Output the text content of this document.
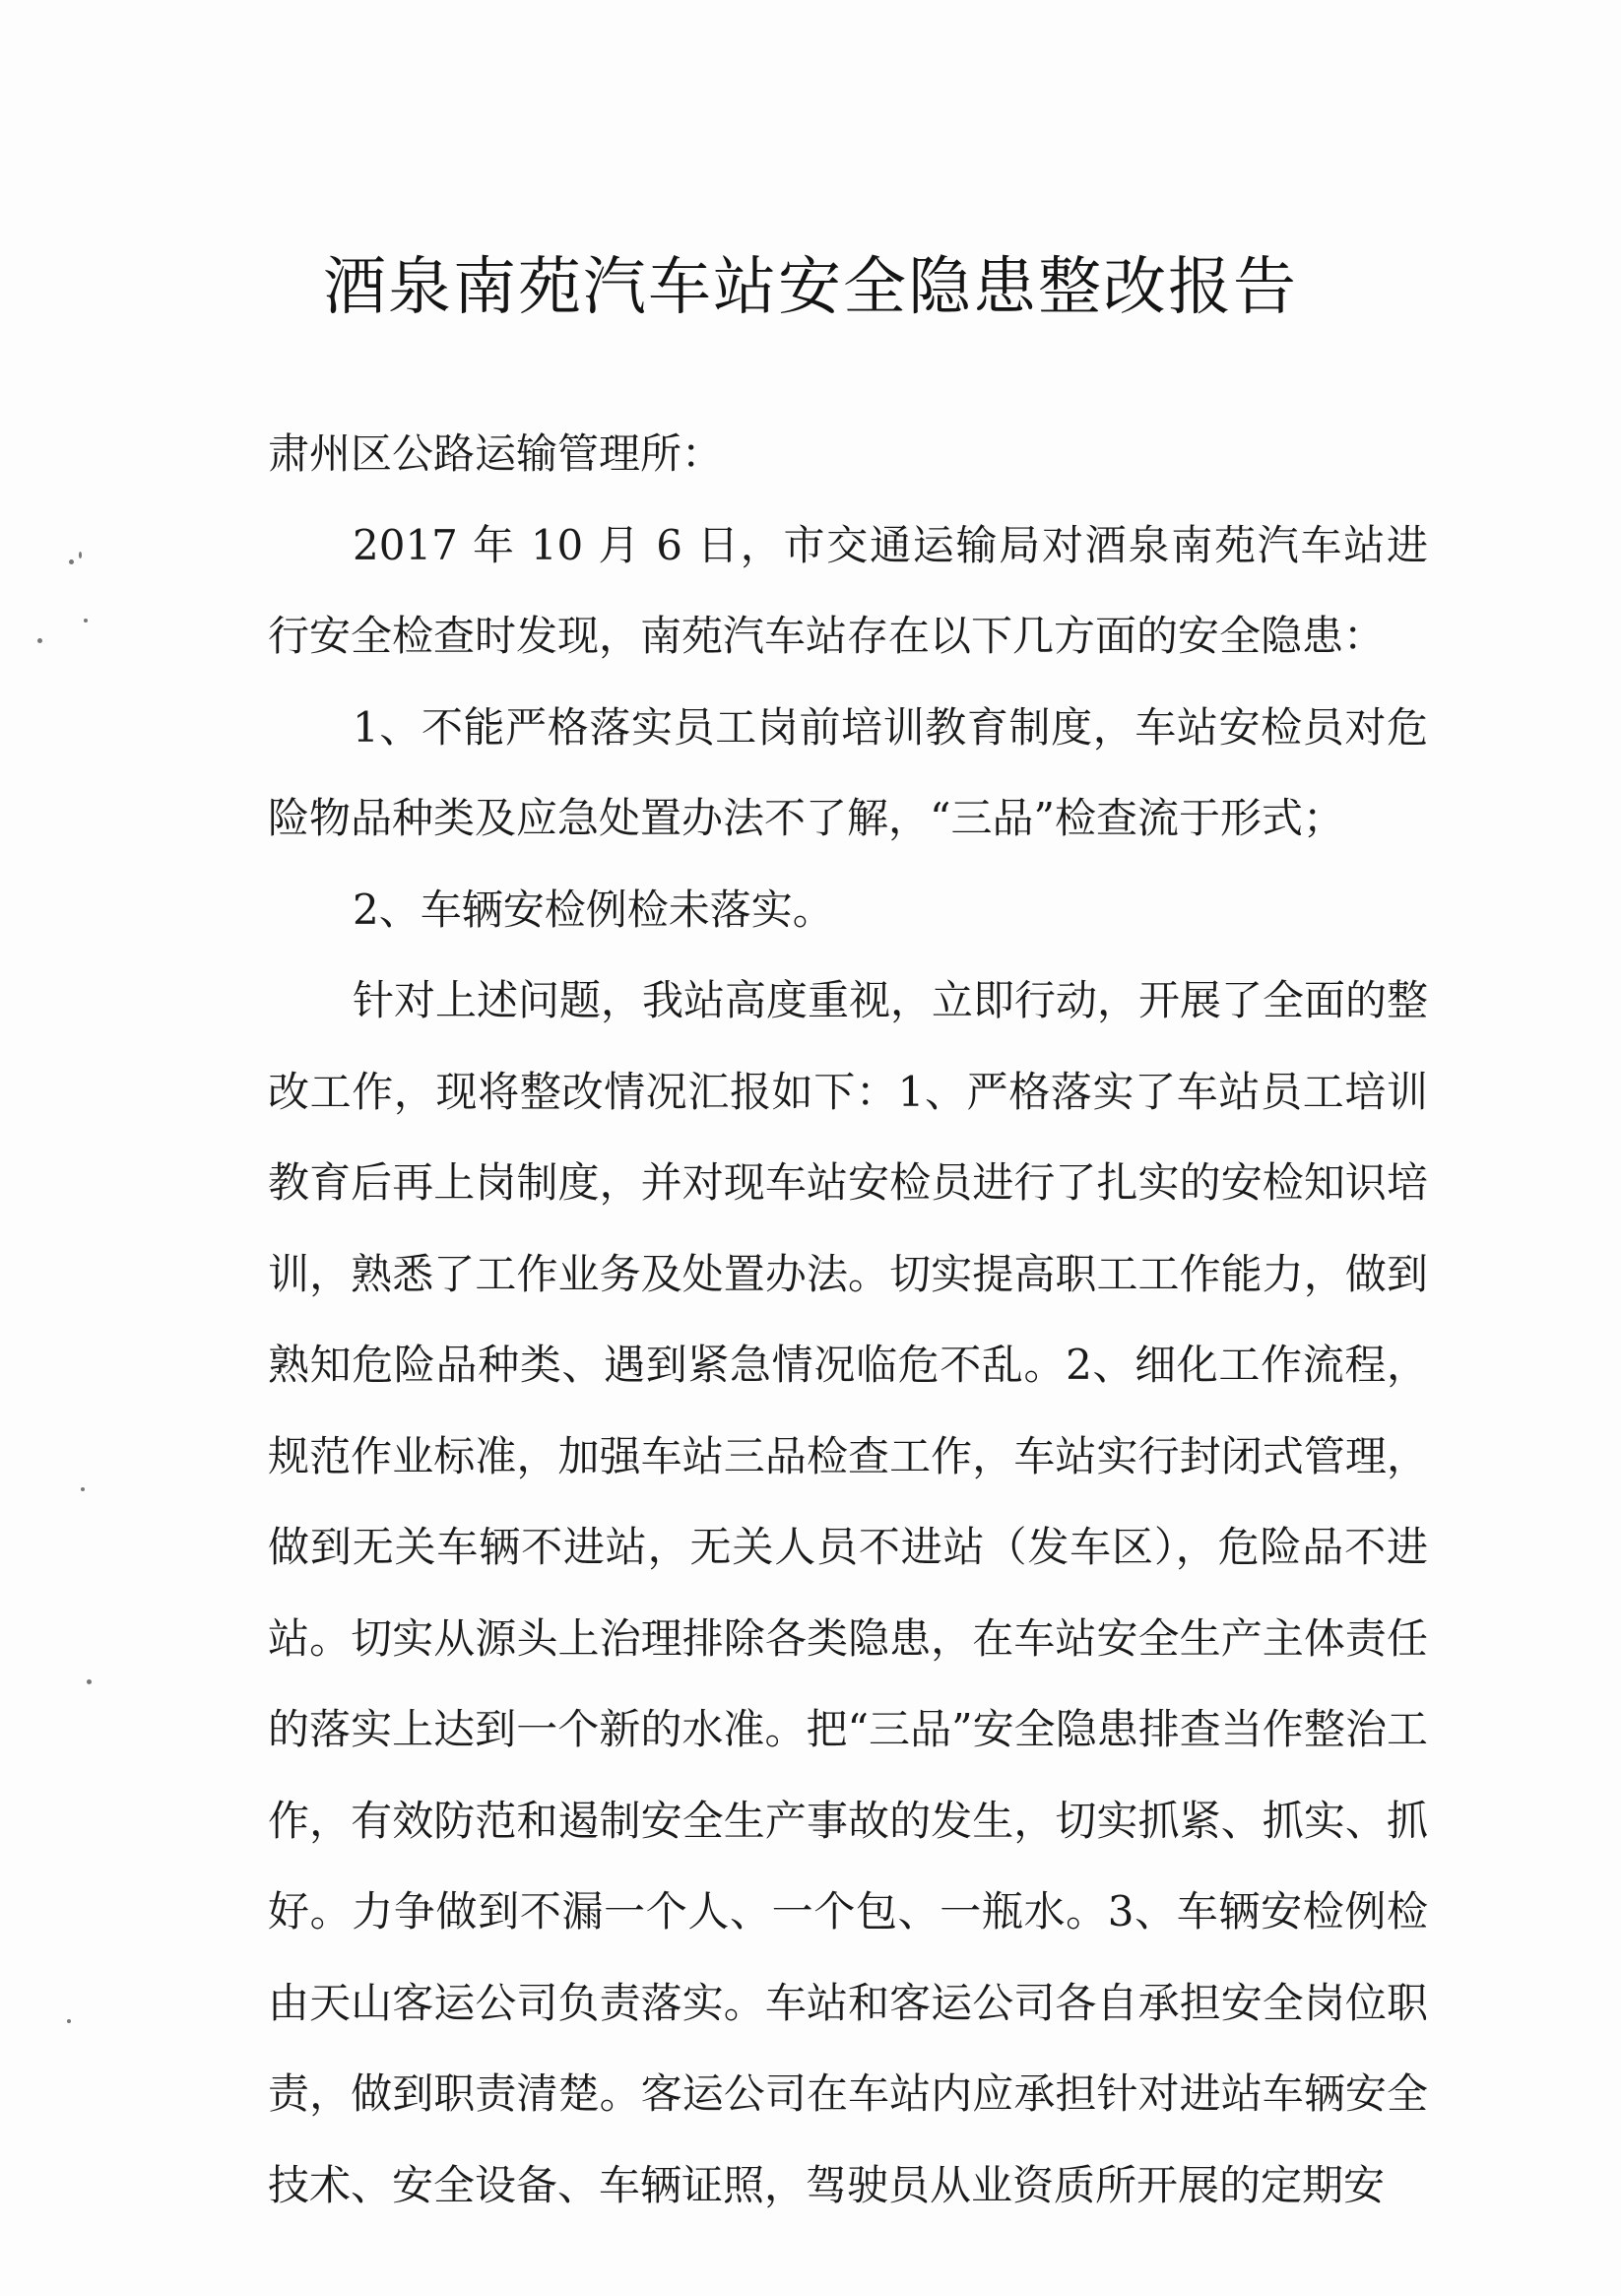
酒泉南苑汽车站安全隐患整改报告

肃州区公路运输管理所：

2017 年 10 月 6 日，市交通运输局对酒泉南苑汽车站进行安全检查时发现，南苑汽车站存在以下几方面的安全隐患：

1、不能严格落实员工岗前培训教育制度，车站安检员对危险物品种类及应急处置办法不了解，“三品”检查流于形式；

2、车辆安检例检未落实。

针对上述问题，我站高度重视，立即行动，开展了全面的整改工作，现将整改情况汇报如下：1、严格落实了车站员工培训教育后再上岗制度，并对现车站安检员进行了扎实的安检知识培训，熟悉了工作业务及处置办法。切实提高职工工作能力，做到熟知危险品种类、遇到紧急情况临危不乱。2、细化工作流程，规范作业标准，加强车站三品检查工作，车站实行封闭式管理，做到无关车辆不进站，无关人员不进站（发车区），危险品不进站。切实从源头上治理排除各类隐患，在车站安全生产主体责任的落实上达到一个新的水准。把“三品”安全隐患排查当作整治工作，有效防范和遏制安全生产事故的发生，切实抓紧、抓实、抓好。力争做到不漏一个人、一个包、一瓶水。3、车辆安检例检由天山客运公司负责落实。车站和客运公司各自承担安全岗位职责，做到职责清楚。客运公司在车站内应承担针对进站车辆安全技术、安全设备、车辆证照，驾驶员从业资质所开展的定期安
